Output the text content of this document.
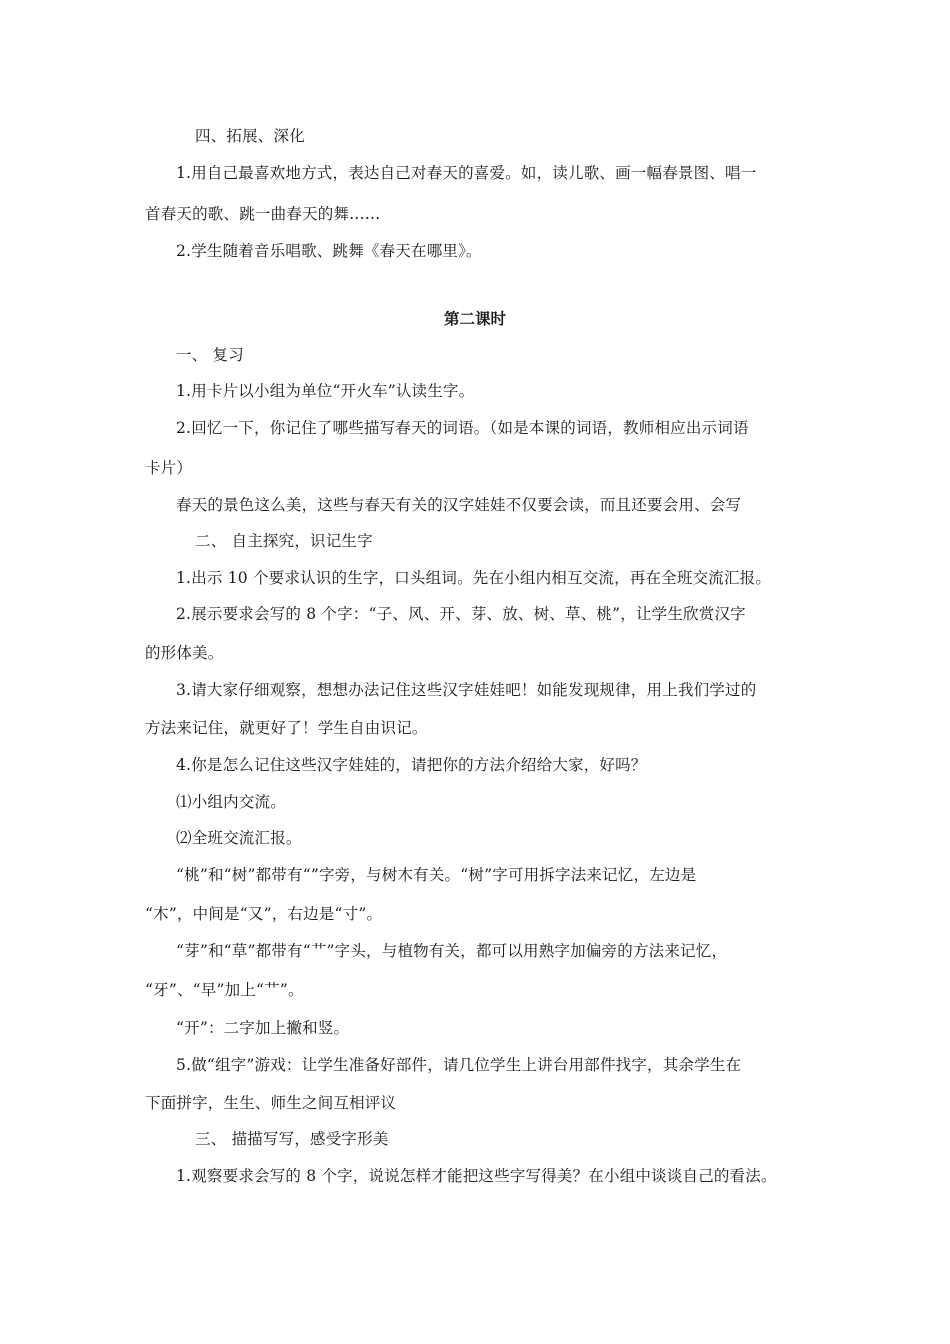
四、拓展、深化
1.用自己最喜欢地方式，表达自己对春天的喜爱。如，读儿歌、画一幅春景图、唱一
首春天的歌、跳一曲春天的舞……
2.学生随着音乐唱歌、跳舞《春天在哪里》。
第二课时
一、 复习
1.用卡片以小组为单位“开火车”认读生字。
2.回忆一下，你记住了哪些描写春天的词语。（如是本课的词语，教师相应出示词语
卡片）
春天的景色这么美，这些与春天有关的汉字娃娃不仅要会读，而且还要会用、会写
二、 自主探究，识记生字
1.出示 10 个要求认识的生字，口头组词。先在小组内相互交流，再在全班交流汇报。
2.展示要求会写的 8 个字：“子、风、开、芽、放、树、草、桃”，让学生欣赏汉字
的形体美。
3.请大家仔细观察，想想办法记住这些汉字娃娃吧！如能发现规律，用上我们学过的
方法来记住，就更好了！学生自由识记。
4.你是怎么记住这些汉字娃娃的，请把你的方法介绍给大家，好吗？
⑴小组内交流。
⑵全班交流汇报。
“桃”和“树”都带有“”字旁，与树木有关。“树”字可用拆字法来记忆，左边是
“木”，中间是“又”，右边是“寸”。
“芽”和“草”都带有“艹”字头，与植物有关，都可以用熟字加偏旁的方法来记忆，
“牙”、“早”加上“艹”。
“开”：二字加上撇和竖。
5.做“组字”游戏：让学生准备好部件，请几位学生上讲台用部件找字，其余学生在
下面拼字，生生、师生之间互相评议
三、 描描写写，感受字形美
1.观察要求会写的 8 个字，说说怎样才能把这些字写得美？在小组中谈谈自己的看法。
